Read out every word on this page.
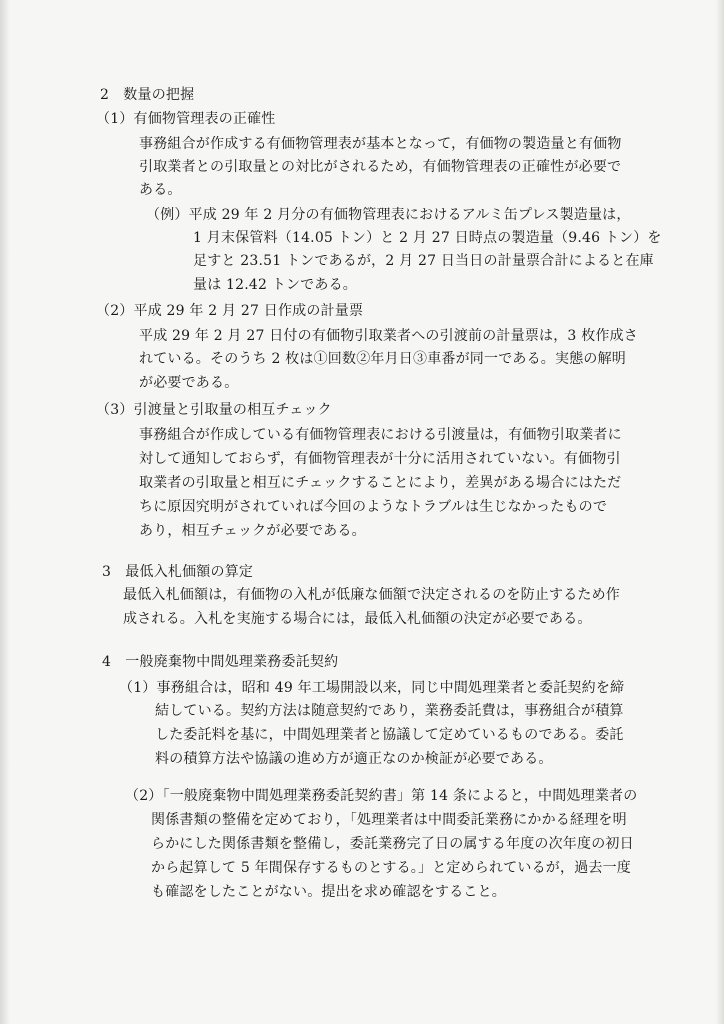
2　数量の把握
（1）有価物管理表の正確性
事務組合が作成する有価物管理表が基本となって，有価物の製造量と有価物
引取業者との引取量との対比がされるため，有価物管理表の正確性が必要で
ある。
（例）平成 29 年 2 月分の有価物管理表におけるアルミ缶プレス製造量は，
1 月末保管料（14.05 トン）と 2 月 27 日時点の製造量（9.46 トン）を
足すと 23.51 トンであるが，2 月 27 日当日の計量票合計によると在庫
量は 12.42 トンである。
（2）平成 29 年 2 月 27 日作成の計量票
平成 29 年 2 月 27 日付の有価物引取業者への引渡前の計量票は，3 枚作成さ
れている。そのうち 2 枚は①回数②年月日③車番が同一である。実態の解明
が必要である。
（3）引渡量と引取量の相互チェック
事務組合が作成している有価物管理表における引渡量は，有価物引取業者に
対して通知しておらず，有価物管理表が十分に活用されていない。有価物引
取業者の引取量と相互にチェックすることにより，差異がある場合にはただ
ちに原因究明がされていれば今回のようなトラブルは生じなかったもので
あり，相互チェックが必要である。
3　最低入札価額の算定
最低入札価額は，有価物の入札が低廉な価額で決定されるのを防止するため作
成される。入札を実施する場合には，最低入札価額の決定が必要である。
4　一般廃棄物中間処理業務委託契約
（1）事務組合は，昭和 49 年工場開設以来，同じ中間処理業者と委託契約を締
結している。契約方法は随意契約であり，業務委託費は，事務組合が積算
した委託料を基に，中間処理業者と協議して定めているものである。委託
料の積算方法や協議の進め方が適正なのか検証が必要である。
（2）「一般廃棄物中間処理業務委託契約書」第 14 条によると，中間処理業者の
関係書類の整備を定めており，「処理業者は中間委託業務にかかる経理を明
らかにした関係書類を整備し，委託業務完了日の属する年度の次年度の初日
から起算して 5 年間保存するものとする。」と定められているが，過去一度
も確認をしたことがない。提出を求め確認をすること。
